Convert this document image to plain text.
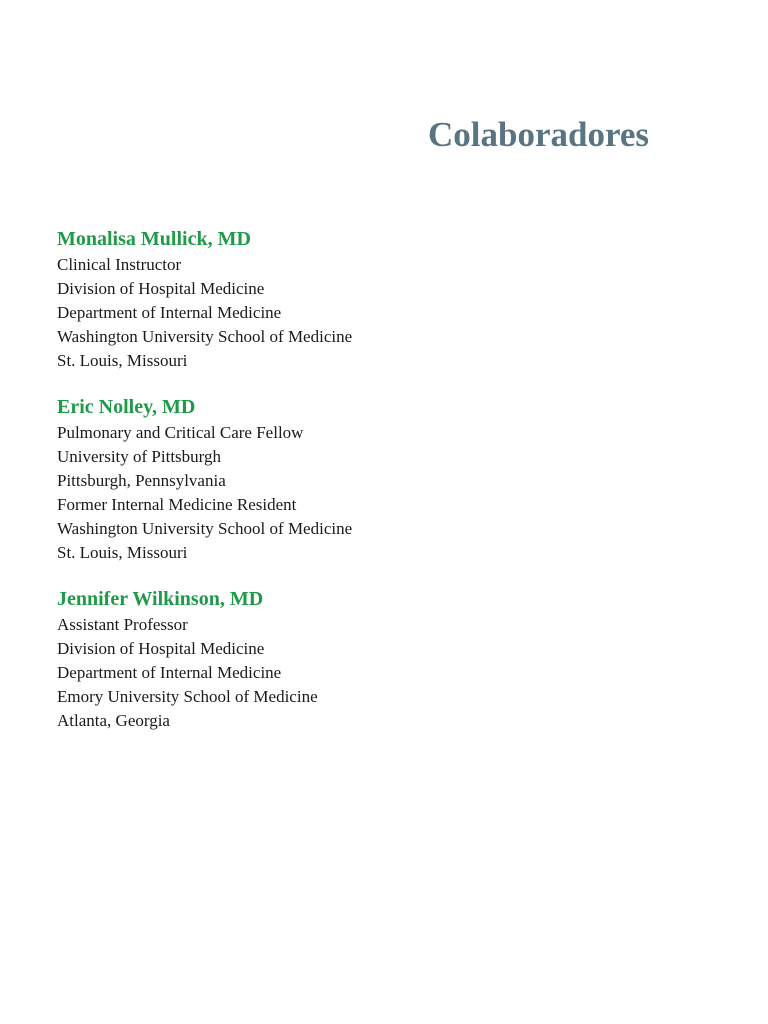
Colaboradores

Monalisa Mullick, MD

Clinical Instructor
Division of Hospital Medicine
Department of Internal Medicine
Washington University School of Medicine
St. Louis, Missouri

Eric Nolley, MD

Pulmonary and Critical Care Fellow
University of Pittsburgh
Pittsburgh, Pennsylvania
Former Internal Medicine Resident
Washington University School of Medicine
St. Louis, Missouri

Jennifer Wilkinson, MD

Assistant Professor
Division of Hospital Medicine
Department of Internal Medicine
Emory University School of Medicine
Atlanta, Georgia
